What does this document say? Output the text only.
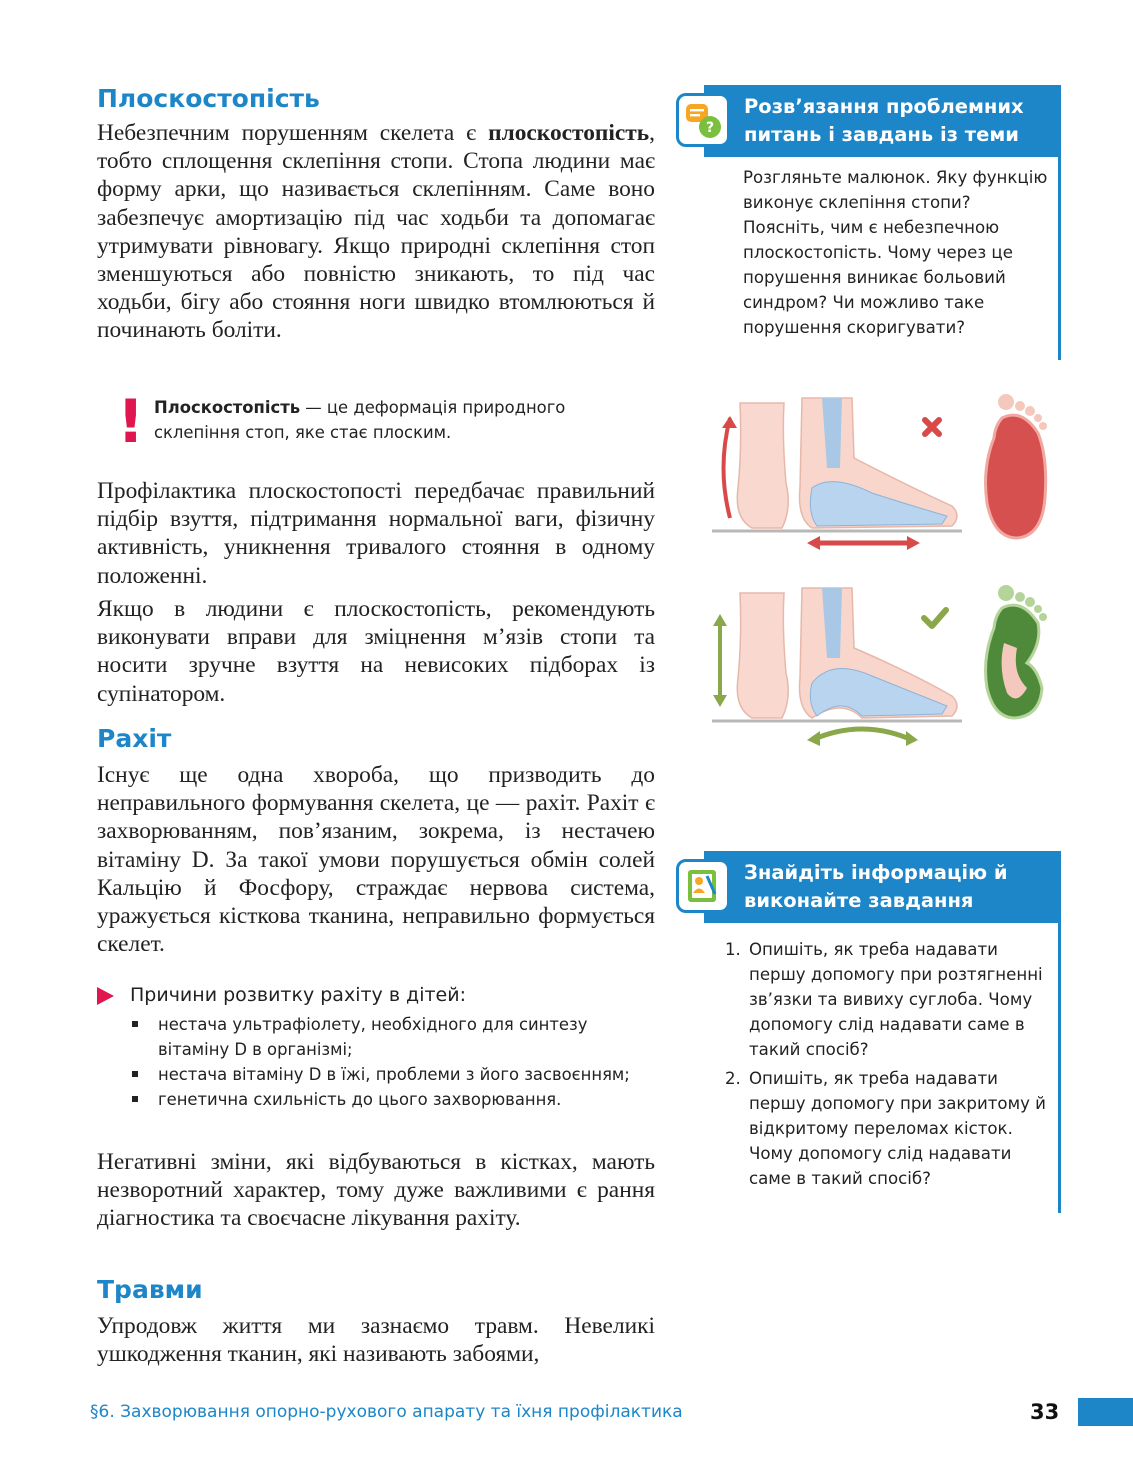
Плоскостопість

Небезпечним порушенням скелета є плоскостопість, тобто сплощення склепіння стопи. Стопа людини має форму арки, що називається склепінням. Саме воно забезпечує амортизацію під час ходьби та допомагає утримувати рівновагу. Якщо природні склепіння стоп зменшуються або повністю зникають, то під час ходьби, бігу або стояння ноги швидко втомлюються й починають боліти.

! Плоскостопість — це деформація природного склепіння стоп, яке стає плоским.

Профілактика плоскостопості передбачає правильний підбір взуття, підтримання нормальної ваги, фізичну активність, уникнення тривалого стояння в одному положенні.

Якщо в людини є плоскостопість, рекомендують виконувати вправи для зміцнення м’язів стопи та носити зручне взуття на невисоких підборах із супінатором.

Рахіт

Існує ще одна хвороба, що призводить до неправильного формування скелета, це — рахіт. Рахіт є захворюванням, пов’язаним, зокрема, із нестачею вітаміну D. За такої умови порушується обмін солей Кальцію й Фосфору, страждає нервова система, уражується кісткова тканина, неправильно формується скелет.

Причини розвитку рахіту в дітей:
нестача ультрафіолету, необхідного для синтезу вітаміну D в організмі;
нестача вітаміну D в їжі, проблеми з його засвоєнням;
генетична схильність до цього захворювання.

Негативні зміни, які відбуваються в кістках, мають незворотний характер, тому дуже важливими є рання діагностика та своєчасне лікування рахіту.

Травми

Упродовж життя ми зазнаємо травм. Невеликі ушкодження тканин, які називають забоями,

Розв’язання проблемних питань і завдань із теми
?
Розгляньте малюнок. Яку функцію виконує склепіння стопи? Поясніть, чим є небезпечною плоскостопість. Чому через це порушення виникає больовий синдром? Чи можливо таке порушення скоригувати?
Знайдіть інформацію й виконайте завдання
1. Опишіть, як треба надавати першу допомогу при розтягненні зв’язки та вивиху суглоба. Чому допомогу слід надавати саме в такий спосіб?
2. Опишіть, як треба надавати першу допомогу при закритому й відкритому переломах кісток. Чому допомогу слід надавати саме в такий спосіб?
§6. Захворювання опорно-рухового апарату та їхня профілактика	33
